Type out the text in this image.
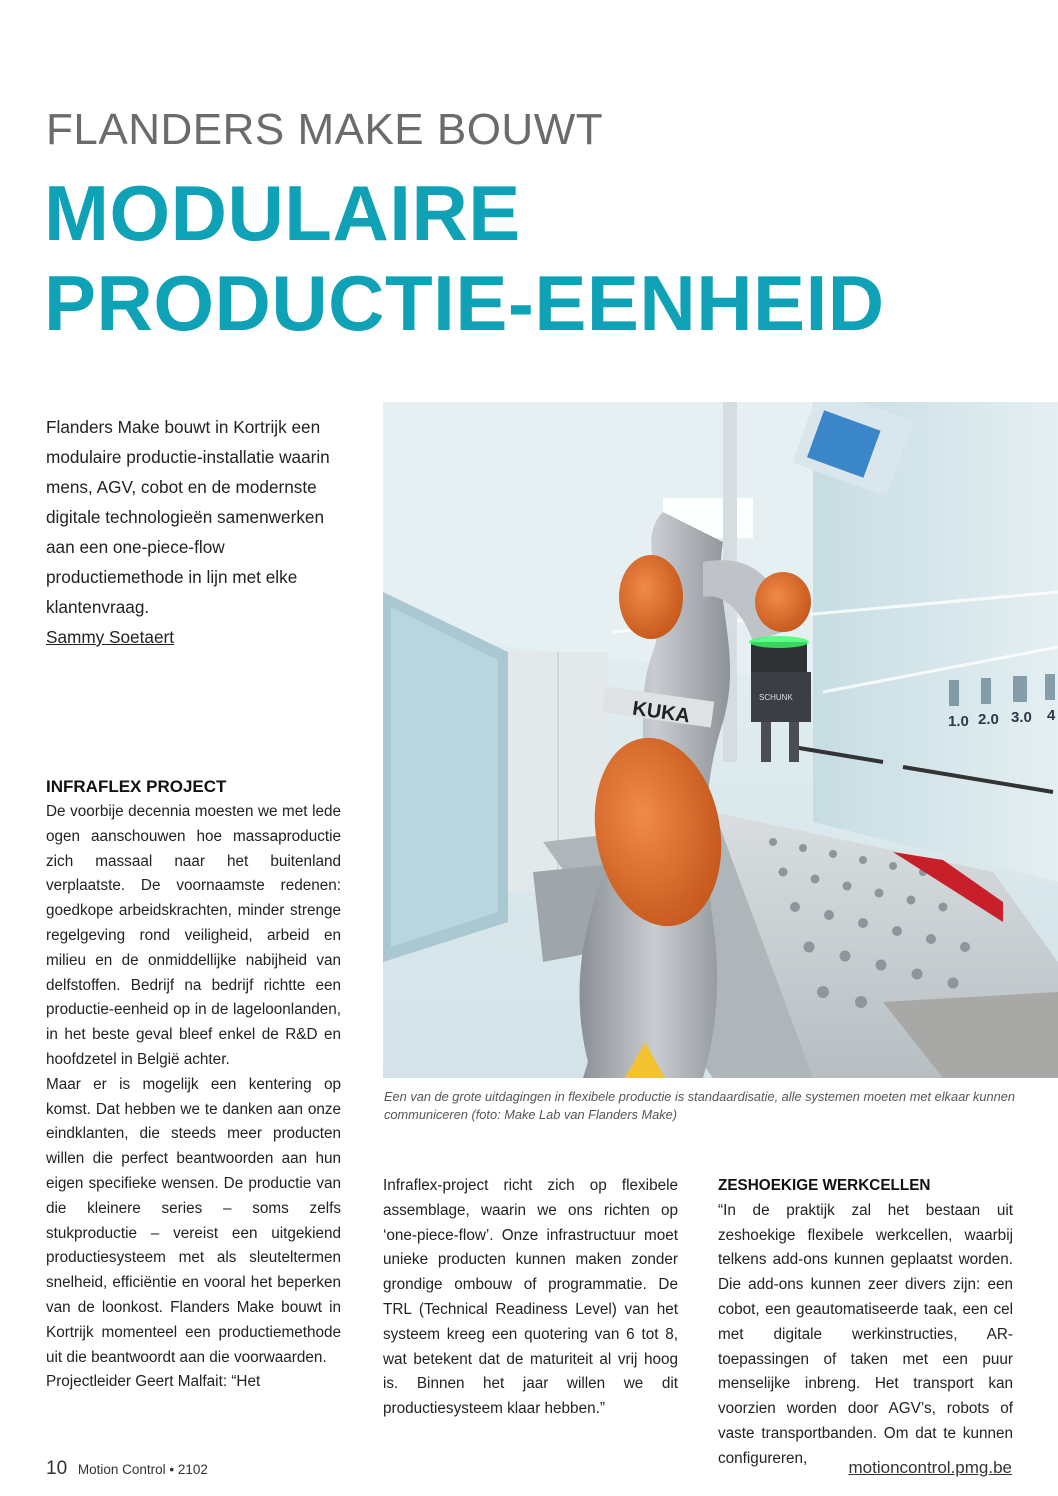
FLANDERS MAKE BOUWT
MODULAIRE
PRODUCTIE-EENHEID

Flanders Make bouwt in Kortrijk een modulaire productie-installatie waarin mens, AGV, cobot en de modernste digitale technologieën samenwerken aan een one-piece-flow productiemethode in lijn met elke klantenvraag.

Sammy Soetaert
1.0 2.0 3.0 4
KUKA
SCHUNK
Een van de grote uitdagingen in flexibele productie is standaardisatie, alle systemen moeten met elkaar kunnen communiceren (foto: Make Lab van Flanders Make)
INFRAFLEX PROJECT

De voorbije decennia moesten we met lede ogen aanschouwen hoe massaproductie zich massaal naar het buitenland verplaatste. De voornaamste redenen: goedkope arbeidskrachten, minder strenge regelgeving rond veiligheid, arbeid en milieu en de onmiddellijke nabijheid van delfstoffen. Bedrijf na bedrijf richtte een productie-eenheid op in de lageloonlanden, in het beste geval bleef enkel de R&D en hoofdzetel in België achter.

Maar er is mogelijk een kentering op komst. Dat hebben we te danken aan onze eindklanten, die steeds meer producten willen die perfect beantwoorden aan hun eigen specifieke wensen. De productie van die kleinere series – soms zelfs stukproductie – vereist een uitgekiend productiesysteem met als sleuteltermen snelheid, efficiëntie en vooral het beperken van de loonkost. Flanders Make bouwt in Kortrijk momenteel een productiemethode uit die beantwoordt aan die voorwaarden.

Projectleider Geert Malfait: “Het

Infraflex-project richt zich op flexibele assemblage, waarin we ons richten op ‘one-piece-flow’. Onze infrastructuur moet unieke producten kunnen maken zonder grondige ombouw of programmatie. De TRL (Technical Readiness Level) van het systeem kreeg een quotering van 6 tot 8, wat betekent dat de maturiteit al vrij hoog is. Binnen het jaar willen we dit productiesysteem klaar hebben.”

ZESHOEKIGE WERKCELLEN

“In de praktijk zal het bestaan uit zeshoekige flexibele werkcellen, waarbij telkens add-ons kunnen geplaatst worden. Die add-ons kunnen zeer divers zijn: een cobot, een geautomatiseerde taak, een cel met digitale werkinstructies, AR-toepassingen of taken met een puur menselijke inbreng. Het transport kan voorzien worden door AGV’s, robots of vaste transportbanden. Om dat te kunnen configureren,

10 Motion Control • 2102	motioncontrol.pmg.be
